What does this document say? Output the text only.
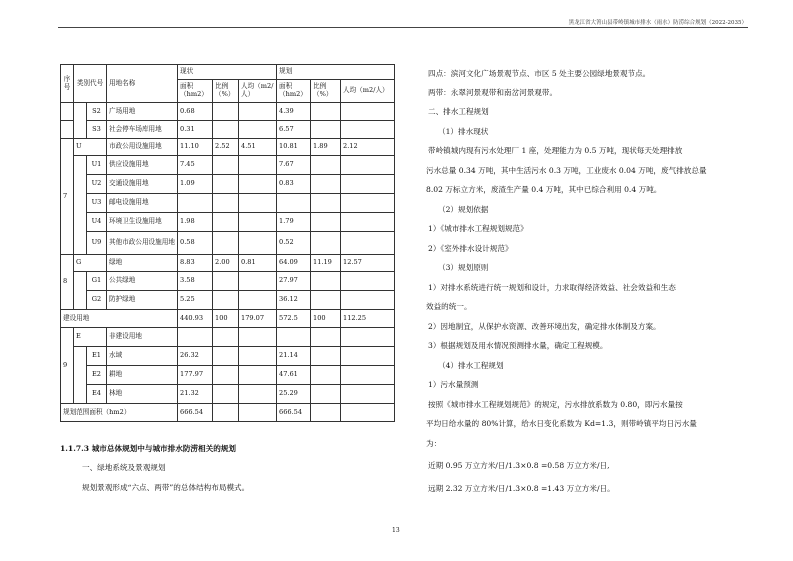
黑龙江省大箐山县带岭镇城市排水（雨水）防涝综合规划（2022-2035）
序号	类别代号		用地名称	现状			规划		
				面积（hm2）	比例（%）	人均（m2/人）	面积（hm2）	比例（%）	人均（m2/人）
		S2	广场用地	0.68			4.39		
		S3	社会停车场库用地	0.31			6.57		
7	U		市政公用设施用地	11.10	2.52	4.51	10.81	1.89	2.12
		U1	供应设施用地	7.45			7.67		
		U2	交通设施用地	1.09			0.83		
		U3	邮电设施用地						
		U4	环境卫生设施用地	1.98			1.79		
		U9	其他市政公用设施用地	0.58			0.52		
8	G		绿地	8.83	2.00	0.81	64.09	11.19	12.57
		G1	公共绿地	3.58			27.97		
		G2	防护绿地	5.25			36.12		
建设用地				440.93	100	179.07	572.5	100	112.25
9	E		非建设用地						
		E1	水域	26.32			21.14		
		E2	耕地	177.97			47.61		
		E4	林地	21.32			25.29		
规划范围面积（hm2）				666.54			666.54		
1.1.7.3 城市总体规划中与城市排水防涝相关的规划
一、绿地系统及景观规划
规划景观形成“六点、两带”的总体结构布局模式。
四点：滨河文化广场景观节点、市区 5 处主要公园绿地景观节点。
两带：永翠河景观带和南岔河景观带。
二、排水工程规划
（1）排水现状
带岭镇城内现有污水处理厂 1 座，处理能力为 0.5 万吨，现状每天处理排放
污水总量 0.34 万吨，其中生活污水 0.3 万吨，工业废水 0.04 万吨，废气排放总量
8.02 万标立方米，废渣生产量 0.4 万吨，其中已综合利用 0.4 万吨。
（2）规划依据
1）《城市排水工程规划规范》
2）《室外排水设计规范》
（3）规划原则
1）对排水系统进行统一规划和设计，力求取得经济效益、社会效益和生态
效益的统一。
2）因地制宜，从保护水资源、改善环境出发，确定排水体制及方案。
3）根据规划及用水情况预测排水量，确定工程规模。
（4）排水工程规划
1）污水量预测
按照《城市排水工程规划规范》的规定，污水排放系数为 0.80，即污水量按
平均日给水量的 80%计算，给水日变化系数为 Kd=1.3，则带岭镇平均日污水量
为：
近期 0.95 万立方米/日/1.3×0.8 =0.58 万立方米/日,
远期 2.32 万立方米/日/1.3×0.8 =1.43 万立方米/日。
13
